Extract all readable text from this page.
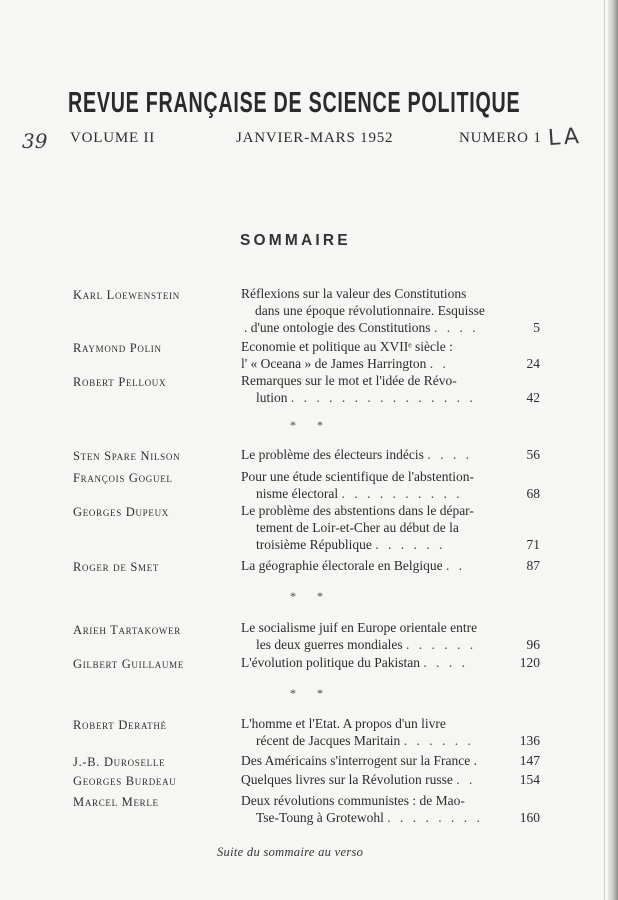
REVUE FRANÇAISE DE SCIENCE POLITIQUE
39 VOLUME II	JANVIER-MARS 1952	NUMERO 1 LA
SOMMAIRE
Karl Loewenstein	Réflexions sur la valeur des Constitutions
dans une époque révolutionnaire. Esquisse
. d'une ontologie des Constitutions . . . .	5
Raymond Polin	Economie et politique au XVIIᵉ siècle :
l' « Oceana » de James Harrington . .	24
Robert Pelloux	Remarques sur le mot et l'idée de Révo-
lution . . . . . . . . . . . . . . .	42
* *
Sten Spare Nilson	Le problème des électeurs indécis . . . .	56
François Goguel	Pour une étude scientifique de l'abstention-
nisme électoral . . . . . . . . . .	68
Georges Dupeux	Le problème des abstentions dans le dépar-
tement de Loir-et-Cher au début de la
troisième République . . . . . .	71
Roger de Smet	La géographie électorale en Belgique . .	87
* *
Arieh Tartakower	Le socialisme juif en Europe orientale entre
les deux guerres mondiales . . . . . .	96
Gilbert Guillaume	L'évolution politique du Pakistan . . . .	120
* *
Robert Derathé	L'homme et l'Etat. A propos d'un livre
récent de Jacques Maritain . . . . . .	136
J.-B. Duroselle	Des Américains s'interrogent sur la France .	147
Georges Burdeau	Quelques livres sur la Révolution russe . .	154
Marcel Merle	Deux révolutions communistes : de Mao-
Tse-Toung à Grotewohl . . . . . . . .	160
Suite du sommaire au verso
